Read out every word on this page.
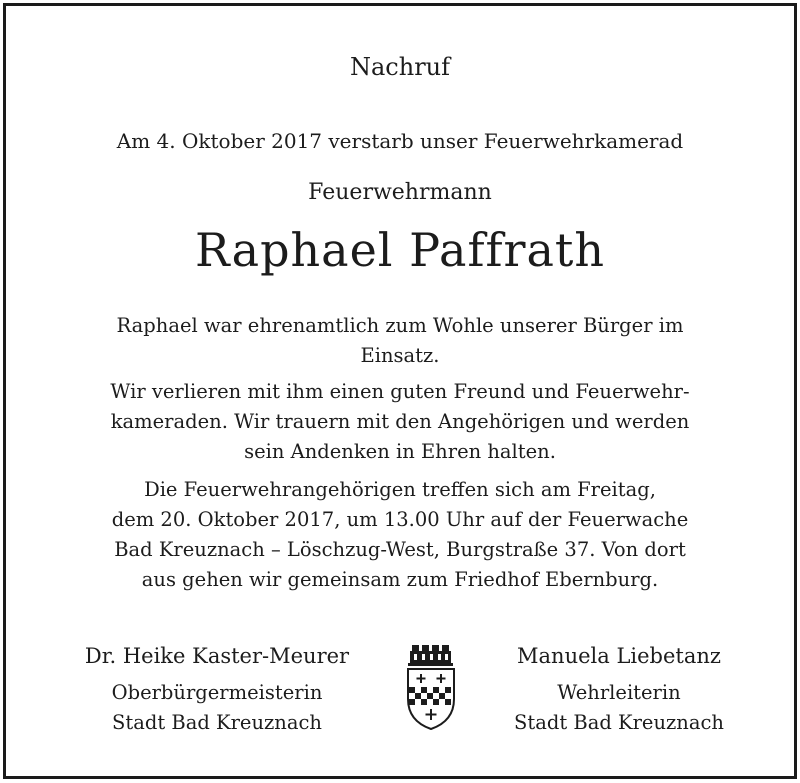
Nachruf
Am 4. Oktober 2017 verstarb unser Feuerwehrkamerad
Feuerwehrmann
Raphael Paffrath
Raphael war ehrenamtlich zum Wohle unserer Bürger im
Einsatz.
Wir verlieren mit ihm einen guten Freund und Feuerwehr-
kameraden. Wir trauern mit den Angehörigen und werden
sein Andenken in Ehren halten.
Die Feuerwehrangehörigen treffen sich am Freitag,
dem 20. Oktober 2017, um 13.00 Uhr auf der Feuerwache
Bad Kreuznach – Löschzug-West, Burgstraße 37. Von dort
aus gehen wir gemeinsam zum Friedhof Ebernburg.
Dr. Heike Kaster-Meurer
Oberbürgermeisterin
Stadt Bad Kreuznach
Manuela Liebetanz
Wehrleiterin
Stadt Bad Kreuznach
